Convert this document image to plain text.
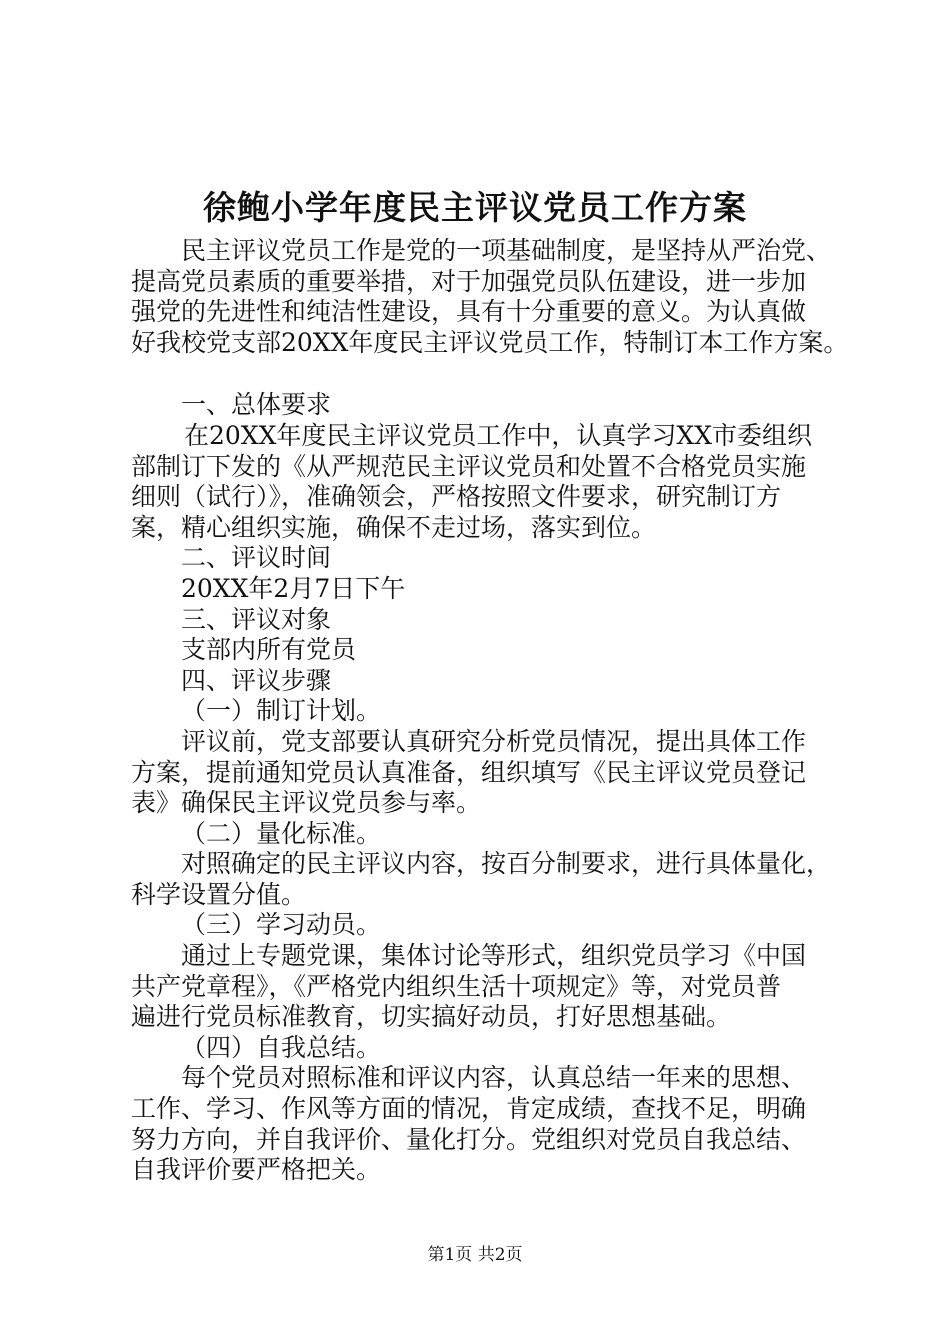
徐鲍小学年度民主评议党员工作方案
民主评议党员工作是党的一项基础制度，是坚持从严治党、
提高党员素质的重要举措，对于加强党员队伍建设，进一步加
强党的先进性和纯洁性建设，具有十分重要的意义。为认真做
好我校党支部20XX年度民主评议党员工作，特制订本工作方案。
一、总体要求
在20XX年度民主评议党员工作中，认真学习XX市委组织
部制订下发的《从严规范民主评议党员和处置不合格党员实施
细则（试行）》，准确领会，严格按照文件要求，研究制订方
案，精心组织实施，确保不走过场，落实到位。
二、评议时间
20XX年2月7日下午
三、评议对象
支部内所有党员
四、评议步骤
（一）制订计划。
评议前，党支部要认真研究分析党员情况，提出具体工作
方案，提前通知党员认真准备，组织填写《民主评议党员登记
表》确保民主评议党员参与率。
（二）量化标准。
对照确定的民主评议内容，按百分制要求，进行具体量化，
科学设置分值。
（三）学习动员。
通过上专题党课，集体讨论等形式，组织党员学习《中国
共产党章程》，《严格党内组织生活十项规定》等，对党员普
遍进行党员标准教育，切实搞好动员，打好思想基础。
（四）自我总结。
每个党员对照标准和评议内容，认真总结一年来的思想、
工作、学习、作风等方面的情况，肯定成绩，查找不足，明确
努力方向，并自我评价、量化打分。党组织对党员自我总结、
自我评价要严格把关。
第1页 共2页
